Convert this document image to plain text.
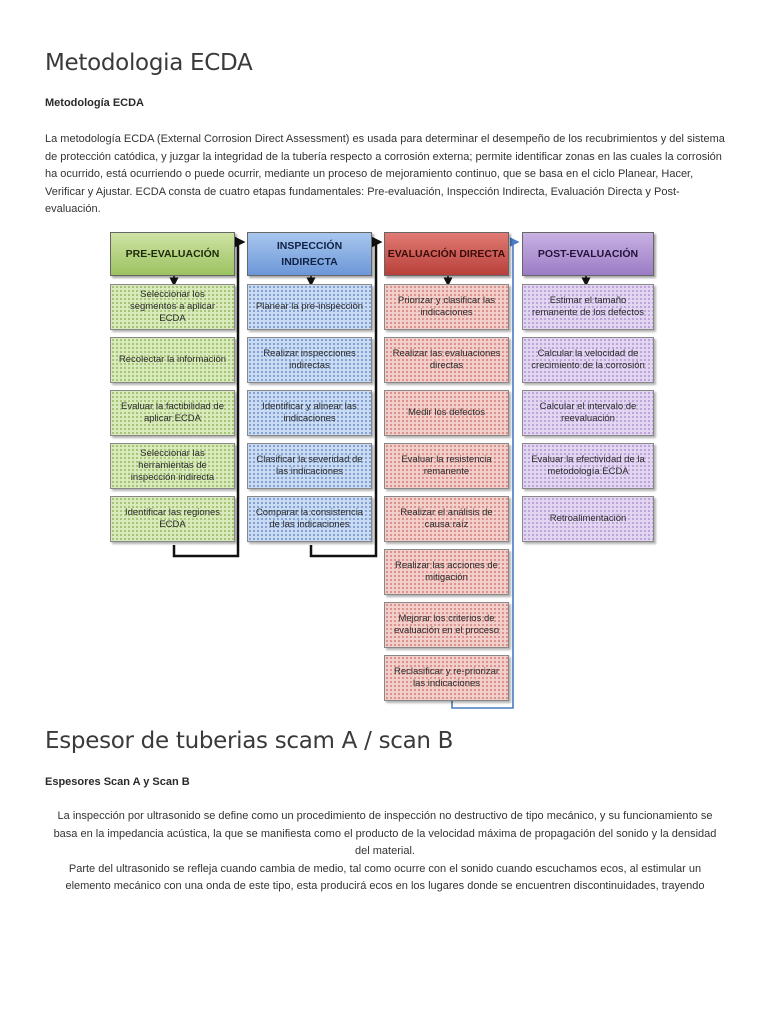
Metodologia ECDA
Metodología ECDA

La metodología ECDA (External Corrosion Direct Assessment) es usada para determinar el desempeño de los recubrimientos y del sistema de protección catódica, y juzgar la integridad de la tubería respecto a corrosión externa; permite identificar zonas en las cuales la corrosión ha ocurrido, está ocurriendo o puede ocurrir, mediante un proceso de mejoramiento continuo, que se basa en el ciclo Planear, Hacer, Verificar y Ajustar. ECDA consta de cuatro etapas fundamentales: Pre-evaluación, Inspección Indirecta, Evaluación Directa y Post-evaluación.

PRE-EVALUACIÓN
INSPECCIÓN INDIRECTA
EVALUACIÓN DIRECTA	POST-EVALUACIÓN
Seleccionar los segmentos a aplicar ECDA
Recolectar la información
Evaluar la factibilidad de aplicar ECDA
Seleccionar las herramientas de inspección indirecta
Identificar las regiones ECDA
Planear la pre-inspección
Realizar inspecciones indirectas
Identificar y alinear las indicaciones
Clasificar la severidad de las indicaciones
Comparar la consistencia de las indicaciones
Priorizar y clasificar las indicaciones
Realizar las evaluaciones directas
Medir los defectos
Evaluar la resistencia remanente
Realizar el análisis de causa raíz
Realizar las acciones de mitigación
Mejorar los criterios de evaluación en el proceso
Reclasificar y re-priorizar las indicaciones
Estimar el tamaño remanente de los defectos
Calcular la velocidad de crecimiento de la corrosión
Calcular el intervalo de reevaluación
Evaluar la efectividad de la metodología ECDA
Retroalimentación
Espesor de tuberias scam A / scan B
Espesores Scan A y Scan B

La inspección por ultrasonido se define como un procedimiento de inspección no destructivo de tipo mecánico, y su funcionamiento se basa en la impedancia acústica, la que se manifiesta como el producto de la velocidad máxima de propagación del sonido y la densidad del material.

Parte del ultrasonido se refleja cuando cambia de medio, tal como ocurre con el sonido cuando escuchamos ecos, al estimular un elemento mecánico con una onda de este tipo, esta producirá ecos en los lugares donde se encuentren discontinuidades, trayendo
